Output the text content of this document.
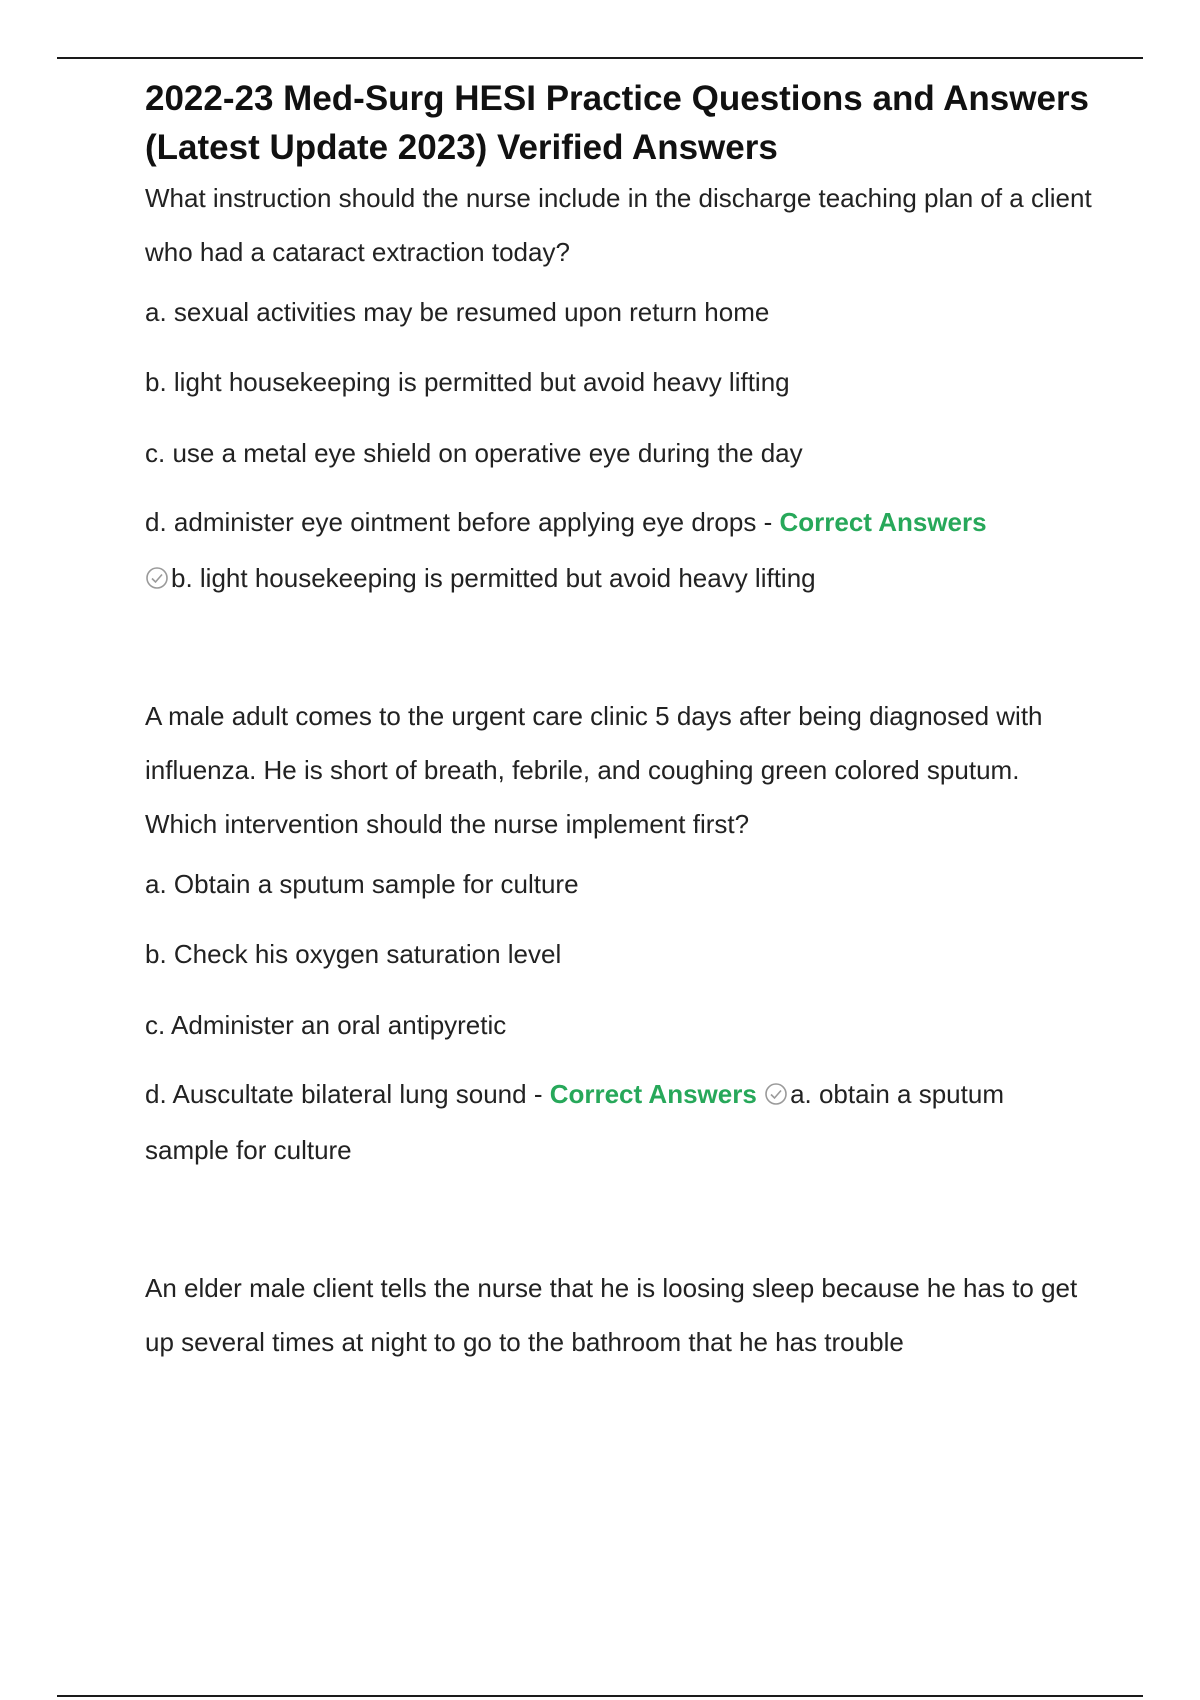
2022-23 Med-Surg HESI Practice Questions and Answers (Latest Update 2023) Verified Answers

What instruction should the nurse include in the discharge teaching plan of a client who had a cataract extraction today?

a. sexual activities may be resumed upon return home

b. light housekeeping is permitted but avoid heavy lifting

c. use a metal eye shield on operative eye during the day

d. administer eye ointment before applying eye drops - Correct Answers

b. light housekeeping is permitted but avoid heavy lifting

A male adult comes to the urgent care clinic 5 days after being diagnosed with influenza. He is short of breath, febrile, and coughing green colored sputum. Which intervention should the nurse implement first?

a. Obtain a sputum sample for culture

b. Check his oxygen saturation level

c. Administer an oral antipyretic

d. Auscultate bilateral lung sound - Correct Answers a. obtain a sputum sample for culture

An elder male client tells the nurse that he is loosing sleep because he has to get up several times at night to go to the bathroom that he has trouble
